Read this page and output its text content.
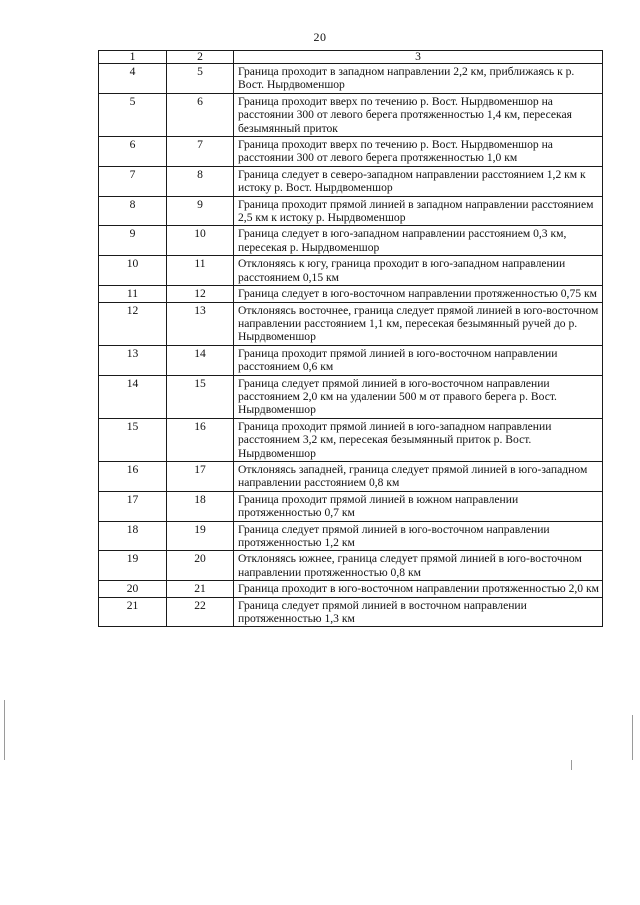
20
1	2	3
4	5	Граница проходит в западном направлении 2,2 км, приближаясь к р. Вост. Нырдвоменшор
5	6	Граница проходит вверх по течению р. Вост. Нырдвоменшор на расстоянии 300 от левого берега протяженностью 1,4 км, пересекая безымянный приток
6	7	Граница проходит вверх по течению р. Вост. Нырдвоменшор на расстоянии 300 от левого берега протяженностью 1,0 км
7	8	Граница следует в северо-западном направлении расстоянием 1,2 км к истоку р. Вост. Нырдвоменшор
8	9	Граница проходит прямой линией в западном направлении расстоянием 2,5 км к истоку р. Нырдвоменшор
9	10	Граница следует в юго-западном направлении расстоянием 0,3 км, пересекая р. Нырдвоменшор
10	11	Отклоняясь к югу, граница проходит в юго-западном направлении расстоянием 0,15 км
11	12	Граница следует в юго-восточном направлении протяженностью 0,75 км
12	13	Отклоняясь восточнее, граница следует прямой линией в юго-восточном направлении расстоянием 1,1 км, пересекая безымянный ручей до р. Нырдвоменшор
13	14	Граница проходит прямой линией в юго-восточном направлении расстоянием 0,6 км
14	15	Граница следует прямой линией в юго-восточном направлении расстоянием 2,0 км на удалении 500 м от правого берега р. Вост. Нырдвоменшор
15	16	Граница проходит прямой линией в юго-западном направлении расстоянием 3,2 км, пересекая безымянный приток р. Вост. Нырдвоменшор
16	17	Отклоняясь западней, граница следует прямой линией в юго-западном направлении расстоянием 0,8 км
17	18	Граница проходит прямой линией в южном направлении протяженностью 0,7 км
18	19	Граница следует прямой линией в юго-восточном направлении протяженностью 1,2 км
19	20	Отклоняясь южнее, граница следует прямой линией в юго-восточном направлении протяженностью 0,8 км
20	21	Граница проходит в юго-восточном направлении протяженностью 2,0 км
21	22	Граница следует прямой линией в восточном направлении протяженностью 1,3 км
